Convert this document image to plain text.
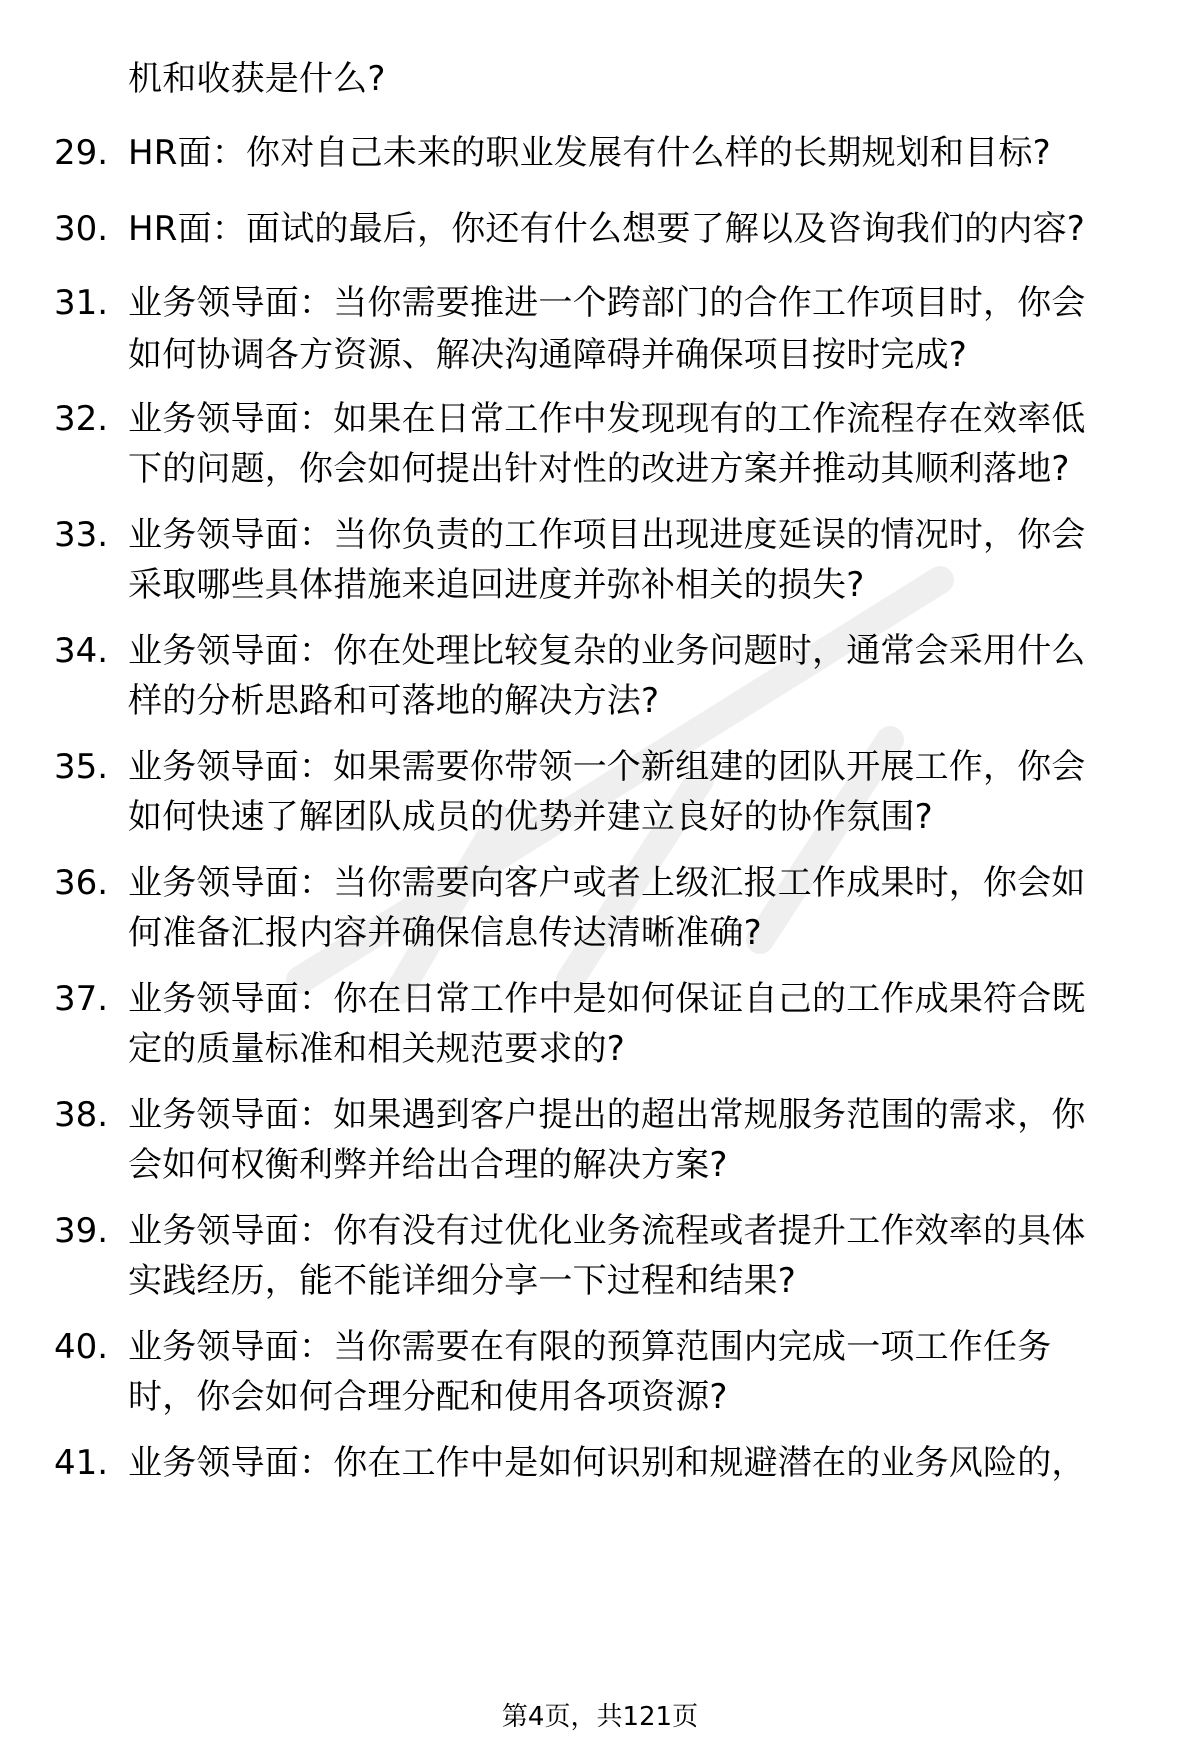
机和收获是什么?
29. HR面：你对自己未来的职业发展有什么样的长期规划和目标?
30. HR面：面试的最后，你还有什么想要了解以及咨询我们的内容?
31. 业务领导面：当你需要推进一个跨部门的合作工作项目时，你会
如何协调各方资源、解决沟通障碍并确保项目按时完成?
32. 业务领导面：如果在日常工作中发现现有的工作流程存在效率低
下的问题，你会如何提出针对性的改进方案并推动其顺利落地?
33. 业务领导面：当你负责的工作项目出现进度延误的情况时，你会
采取哪些具体措施来追回进度并弥补相关的损失?
34. 业务领导面：你在处理比较复杂的业务问题时，通常会采用什么
样的分析思路和可落地的解决方法?
35. 业务领导面：如果需要你带领一个新组建的团队开展工作，你会
如何快速了解团队成员的优势并建立良好的协作氛围?
36. 业务领导面：当你需要向客户或者上级汇报工作成果时，你会如
何准备汇报内容并确保信息传达清晰准确?
37. 业务领导面：你在日常工作中是如何保证自己的工作成果符合既
定的质量标准和相关规范要求的?
38. 业务领导面：如果遇到客户提出的超出常规服务范围的需求，你
会如何权衡利弊并给出合理的解决方案?
39. 业务领导面：你有没有过优化业务流程或者提升工作效率的具体
实践经历，能不能详细分享一下过程和结果?
40. 业务领导面：当你需要在有限的预算范围内完成一项工作任务
时，你会如何合理分配和使用各项资源?
41. 业务领导面：你在工作中是如何识别和规避潜在的业务风险的，
第4页，共121页
